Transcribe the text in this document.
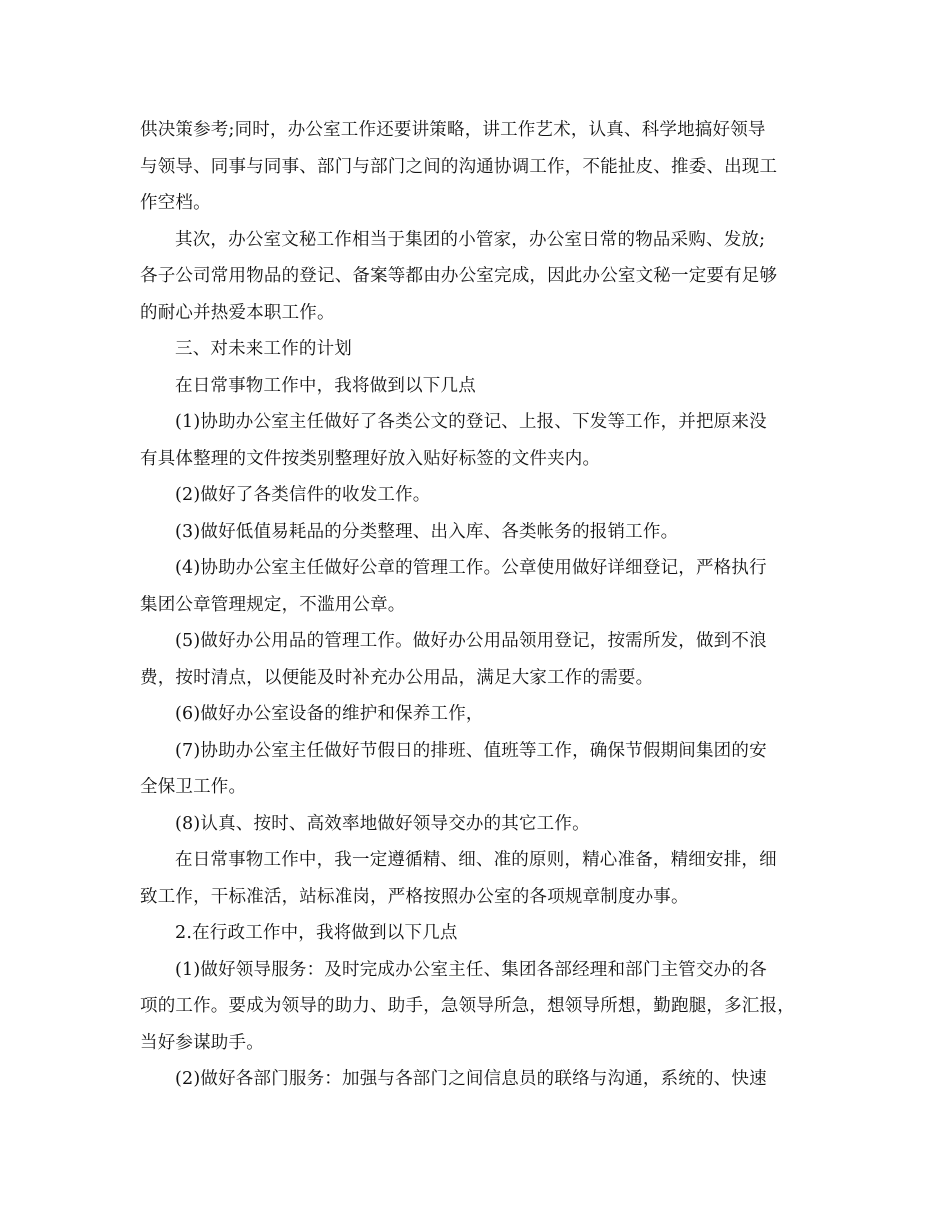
供决策参考;同时，办公室工作还要讲策略，讲工作艺术，认真、科学地搞好领导
与领导、同事与同事、部门与部门之间的沟通协调工作，不能扯皮、推委、出现工
作空档。
其次，办公室文秘工作相当于集团的小管家，办公室日常的物品采购、发放;
各子公司常用物品的登记、备案等都由办公室完成，因此办公室文秘一定要有足够
的耐心并热爱本职工作。
三、对未来工作的计划
在日常事物工作中，我将做到以下几点
(1)协助办公室主任做好了各类公文的登记、上报、下发等工作，并把原来没
有具体整理的文件按类别整理好放入贴好标签的文件夹内。
(2)做好了各类信件的收发工作。
(3)做好低值易耗品的分类整理、出入库、各类帐务的报销工作。
(4)协助办公室主任做好公章的管理工作。公章使用做好详细登记，严格执行
集团公章管理规定，不滥用公章。
(5)做好办公用品的管理工作。做好办公用品领用登记，按需所发，做到不浪
费，按时清点，以便能及时补充办公用品，满足大家工作的需要。
(6)做好办公室设备的维护和保养工作，
(7)协助办公室主任做好节假日的排班、值班等工作，确保节假期间集团的安
全保卫工作。
(8)认真、按时、高效率地做好领导交办的其它工作。
在日常事物工作中，我一定遵循精、细、准的原则，精心准备，精细安排，细
致工作，干标准活，站标准岗，严格按照办公室的各项规章制度办事。
2.在行政工作中，我将做到以下几点
(1)做好领导服务：及时完成办公室主任、集团各部经理和部门主管交办的各
项的工作。要成为领导的助力、助手，急领导所急，想领导所想，勤跑腿，多汇报，
当好参谋助手。
(2)做好各部门服务：加强与各部门之间信息员的联络与沟通，系统的、快速
